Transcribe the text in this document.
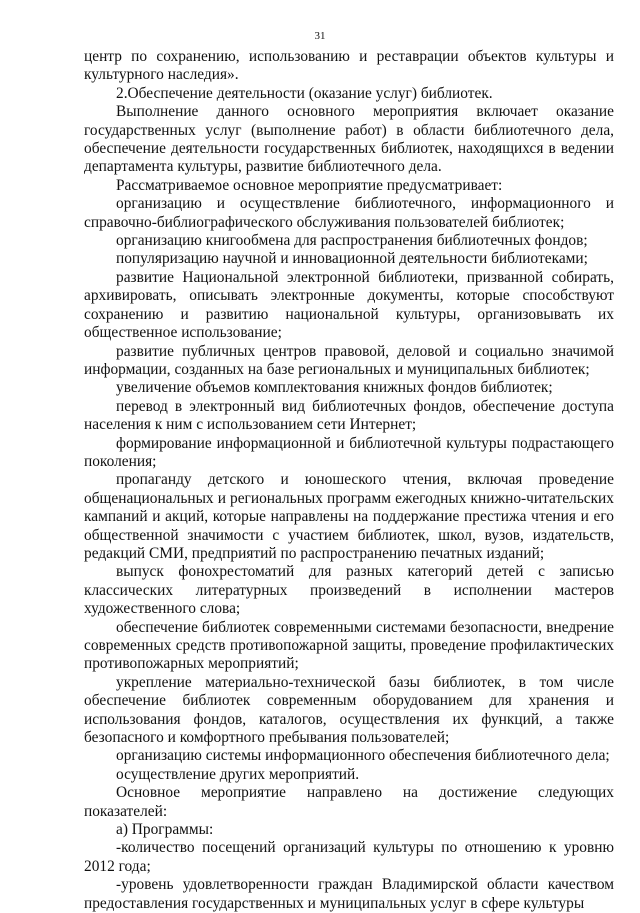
31

центр по сохранению, использованию и реставрации объектов культуры и культурного наследия».

2.Обеспечение деятельности (оказание услуг) библиотек.

Выполнение данного основного мероприятия включает оказание государственных услуг (выполнение работ) в области библиотечного дела, обеспечение деятельности государственных библиотек, находящихся в ведении департамента культуры, развитие библиотечного дела.

Рассматриваемое основное мероприятие предусматривает:

организацию и осуществление библиотечного, информационного и справочно-библиографического обслуживания пользователей библиотек;

организацию книгообмена для распространения библиотечных фондов;

популяризацию научной и инновационной деятельности библиотеками;

развитие Национальной электронной библиотеки, призванной собирать, архивировать, описывать электронные документы, которые способствуют сохранению и развитию национальной культуры, организовывать их общественное использование;

развитие публичных центров правовой, деловой и социально значимой информации, созданных на базе региональных и муниципальных библиотек;

увеличение объемов комплектования книжных фондов библиотек;

перевод в электронный вид библиотечных фондов, обеспечение доступа населения к ним с использованием сети Интернет;

формирование информационной и библиотечной культуры подрастающего поколения;

пропаганду детского и юношеского чтения, включая проведение общенациональных и региональных программ ежегодных книжно-читательских кампаний и акций, которые направлены на поддержание престижа чтения и его общественной значимости с участием библиотек, школ, вузов, издательств, редакций СМИ, предприятий по распространению печатных изданий;

выпуск фонохрестоматий для разных категорий детей с записью классических литературных произведений в исполнении мастеров художественного слова;

обеспечение библиотек современными системами безопасности, внедрение современных средств противопожарной защиты, проведение профилактических противопожарных мероприятий;

укрепление материально-технической базы библиотек, в том числе обеспечение библиотек современным оборудованием для хранения и использования фондов, каталогов, осуществления их функций, а также безопасного и комфортного пребывания пользователей;

организацию системы информационного обеспечения библиотечного дела;

осуществление других мероприятий.

Основное мероприятие направлено на достижение следующих показателей:

а) Программы:

-количество посещений организаций культуры по отношению к уровню 2012 года;

-уровень удовлетворенности граждан Владимирской области качеством предоставления государственных и муниципальных услуг в сфере культуры
